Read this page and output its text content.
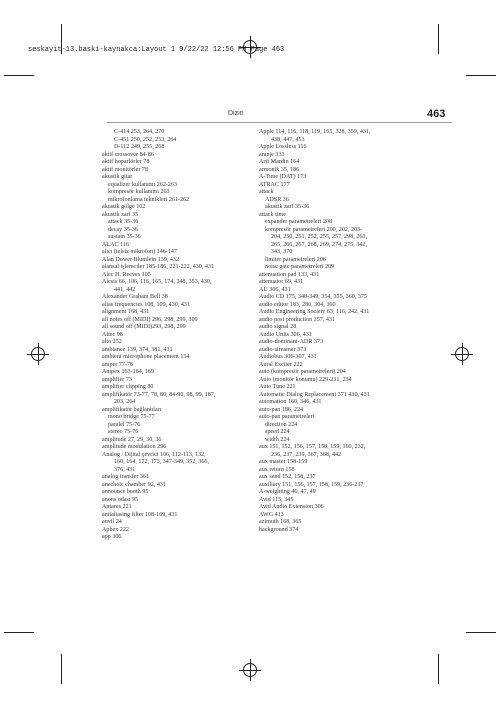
seskayit-13.baski-kaynakca:Layout 1 9/22/22 12:56 PM Page 463
Dizin	463
C-414 253, 264, 270
C-451 250, 252, 253, 264
D-112 249, 255, 268
aktif crossover 84-86
aktif hoparlörler 78
aktif monitörler 78
akustik gitar
equalizer kullanımı 262-263
kompresör kullanımı 263
mikrofonlama teknikleri 261-262
akustik gölge 102
akustik zarf 35
attack 35-36
decay 35-36
sustain 35-36
ALAC 116
alıcı (telsiz mikrofon) 146-147
Alan Dower Blumlein 139, 432
alansal işlemciler 185-186, 221-222, 430, 431
Alec H. Reeves 105
Alesis 66, 106, 116, 165, 174, 348, 353, 430,
441, 442
Alexander Graham Bell 38
alias frequencies 108, 109, 430, 431
alignment 168, 431
all notes off (MIDI) 296, 298, 299, 309
all sound off (MIDI)293, 298, 299
Altec 98
alto 252
ambiance 139, 374, 381, 431
ambient microphone placement 134
amper 77-78
Ampex 163-164, 169
amplifier 73
amplifier clipping 80
amplifikatör 73-77, 78, 80, 84-90, 98, 99, 187,
203, 264
amplifikatör bağlantıları
mono bridge 75-77
paralel 75-76
stereo 75-76
amplitude 27, 29, 30, 36
amplitude modulation 296
Analog / Dijital çevrici 106, 112-113, 132,
160, 164, 172, 173, 347-349, 352, 366,
376, 431
analog transfer 361
anechoic chamber 92, 431
announce booth 95
anons odası 95
Antares 221
antialiasing filter 108-109, 431
anvil 24
Aphex 222
app 306
Apple 114, 116, 118, 119, 165, 328, 359, 431,
438, 447, 453
Apple Lossless 116
aranje 333
Arif Mardin 164
armonik 35, 186
A-Time (DAT) 173
ATRAC 177
attack
ADSR 36
akustik zarf 35-36
attack time
expander parametreleri 208
kompresör parametreleri 200, 202, 203-
204, 250, 251, 252, 255, 257, 298, 263,
265, 266, 267, 268, 269, 274, 275, 342,
343, 370
limiter parametreleri 206
noise gate parametreleri 209
attenuation pad 133, 431
attenuator 69, 431
AU 306, 431
Audio CD 175, 348-349, 354, 355, 360, 375
audio editor 183, 280, 304, 360
Audio Engineering Society 63, 116, 242, 431
audio post production 357, 431
audio signal 28
Audio Units 306, 431
audio-dominant-ADR 373
audio-streamer 373
Audiobus 306-307, 431
Aural Exciter 222
auto (kompresör parametreleri) 204
Auto (monitör konumu) 229-231, 234
Auto Tune 221
Automatic Dialog Replacement 371 430, 431
automation 160, 346, 431
auto-pan 186, 224
auto-pan parametreleri
direction 224
speed 224
width 224
aux 151, 152, 156, 157, 158, 159, 160, 232,
236, 237, 239, 367, 368, 442
aux master 158-159
aux return 158
aux send 152, 158, 237
auxiliary 151, 156, 157, 158, 159, 236-237
A-weighting 46, 47, 49
Avid 115, 345
Avid Audio Extension 306
AWG 413
azimuth 168, 365
background 374
